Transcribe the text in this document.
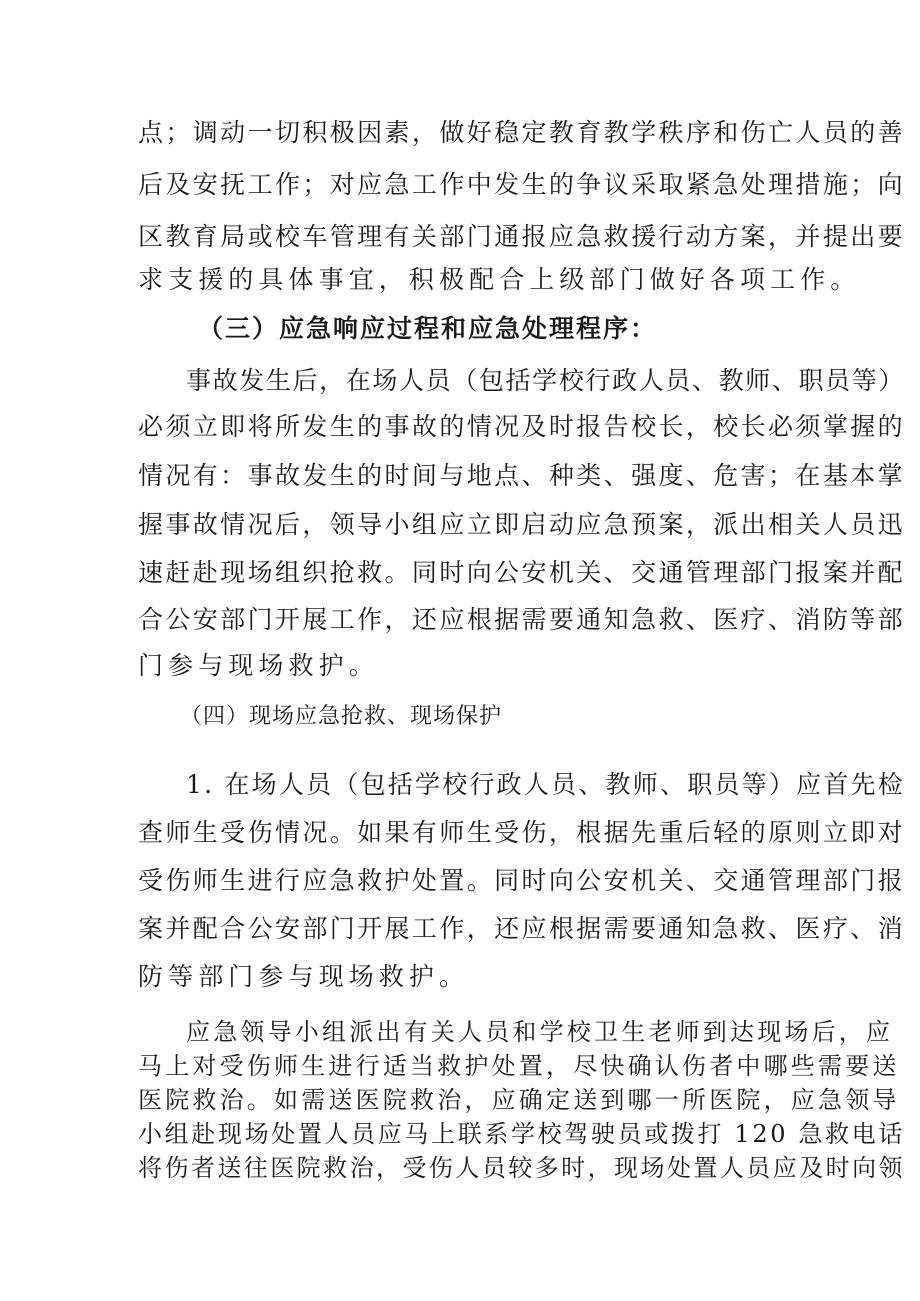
点；调动一切积极因素，做好稳定教育教学秩序和伤亡人员的善
后及安抚工作；对应急工作中发生的争议采取紧急处理措施；向
区教育局或校车管理有关部门通报应急救援行动方案，并提出要
求支援的具体事宜，积极配合上级部门做好各项工作。
（三）应急响应过程和应急处理程序：
事故发生后，在场人员（包括学校行政人员、教师、职员等）
必须立即将所发生的事故的情况及时报告校长，校长必须掌握的
情况有：事故发生的时间与地点、种类、强度、危害；在基本掌
握事故情况后，领导小组应立即启动应急预案，派出相关人员迅
速赶赴现场组织抢救。同时向公安机关、交通管理部门报案并配
合公安部门开展工作，还应根据需要通知急救、医疗、消防等部
门参与现场救护。
（四）现场应急抢救、现场保护
1. 在场人员（包括学校行政人员、教师、职员等）应首先检
查师生受伤情况。如果有师生受伤，根据先重后轻的原则立即对
受伤师生进行应急救护处置。同时向公安机关、交通管理部门报
案并配合公安部门开展工作，还应根据需要通知急救、医疗、消
防等部门参与现场救护。
应急领导小组派出有关人员和学校卫生老师到达现场后，应
马上对受伤师生进行适当救护处置，尽快确认伤者中哪些需要送
医院救治。如需送医院救治，应确定送到哪一所医院，应急领导
小组赴现场处置人员应马上联系学校驾驶员或拨打 120 急救电话
将伤者送往医院救治，受伤人员较多时，现场处置人员应及时向领
